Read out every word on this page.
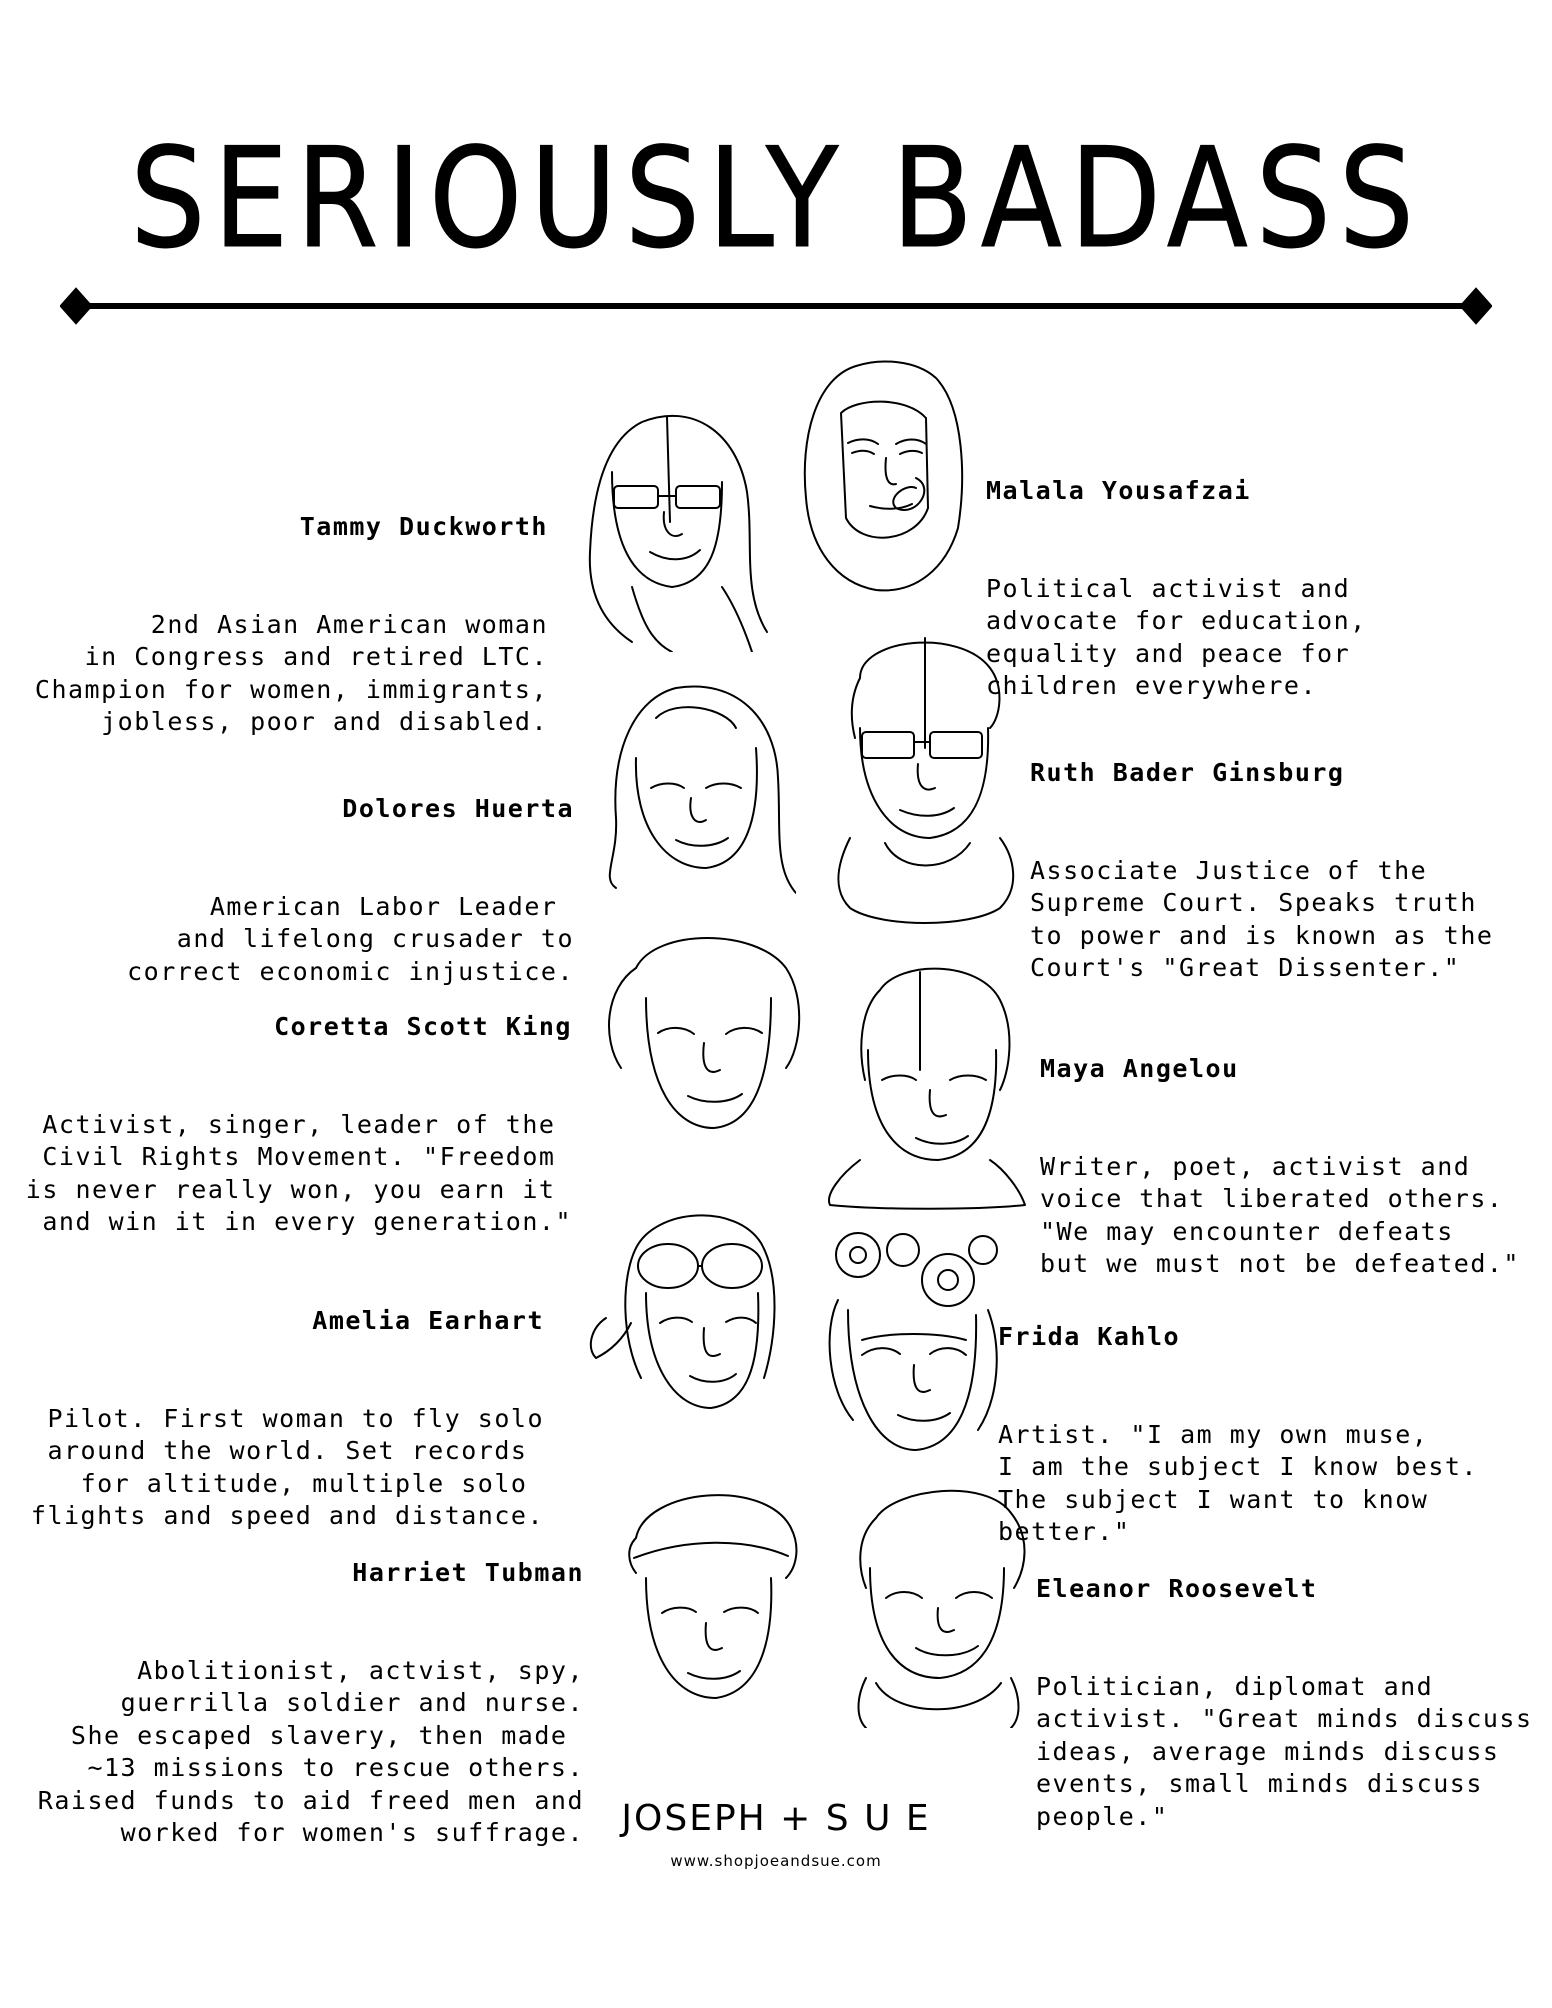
SERIOUSLY BADASS

Tammy Duckworth

2nd Asian American woman
in Congress and retired LTC.
Champion for women, immigrants,
jobless, poor and disabled.

Malala Yousafzai

Political activist and
advocate for education,
equality and peace for
children everywhere.

Ruth Bader Ginsburg

Associate Justice of the
Supreme Court. Speaks truth
to power and is known as the
Court's "Great Dissenter."

Dolores Huerta

American Labor Leader
and lifelong crusader to
correct economic injustice.

Coretta Scott King

Activist, singer, leader of the
Civil Rights Movement. "Freedom
is never really won, you earn it
and win it in every generation."

Maya Angelou

Writer, poet, activist and
voice that liberated others.
"We may encounter defeats
but we must not be defeated."

Amelia Earhart

Pilot. First woman to fly solo
around the world. Set records
for altitude, multiple solo
flights and speed and distance.

Frida Kahlo

Artist. "I am my own muse,
I am the subject I know best.
The subject I want to know
better."

Harriet Tubman

Abolitionist, actvist, spy,
guerrilla soldier and nurse.
She escaped slavery, then made
~13 missions to rescue others.
Raised funds to aid freed men and
worked for women's suffrage.

Eleanor Roosevelt

Politician, diplomat and
activist. "Great minds discuss
ideas, average minds discuss
events, small minds discuss
people."

JOSEPH + S U E
www.shopjoeandsue.com
